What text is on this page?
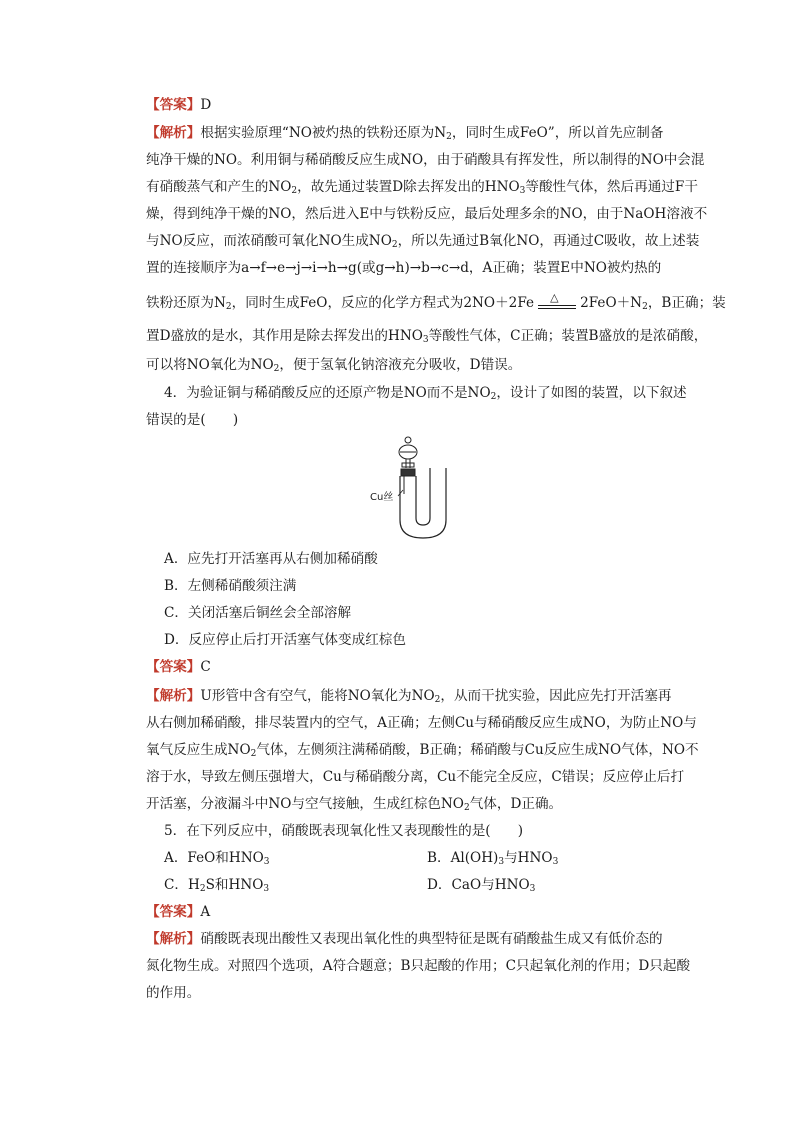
【答案】D
【解析】根据实验原理“NO被灼热的铁粉还原为$N_2$，同时生成FeO”，所以首先应制备
纯净干燥的NO。利用铜与稀硝酸反应生成NO，由于硝酸具有挥发性，所以制得的NO中会混
有硝酸蒸气和产生的$NO_2$，故先通过装置D除去挥发出的$HNO_3$等酸性气体，然后再通过F干
燥，得到纯净干燥的NO，然后进入E中与铁粉反应，最后处理多余的NO，由于NaOH溶液不
与NO反应，而浓硝酸可氧化NO生成$NO_2$，所以先通过B氧化NO，再通过C吸收，故上述装
置的连接顺序为a→f→e→j→i→h→g(或g→h)→b→c→d，A正确；装置E中NO被灼热的
铁粉还原为$N_2$，同时生成FeO，反应的化学方程式为2NO＋2Fe △ $2FeO+N_2$，B正确；装
置D盛放的是水，其作用是除去挥发出的$HNO_3$等酸性气体，C正确；装置B盛放的是浓硝酸，
可以将NO氧化为$NO_2$，便于氢氧化钠溶液充分吸收，D错误。
4．为验证铜与稀硝酸反应的还原产物是NO而不是$NO_2$，设计了如图的装置，以下叙述
错误的是(　　)
Cu丝
A．应先打开活塞再从右侧加稀硝酸
B．左侧稀硝酸须注满
C．关闭活塞后铜丝会全部溶解
D．反应停止后打开活塞气体变成红棕色
【答案】C
【解析】U形管中含有空气，能将NO氧化为$NO_2$，从而干扰实验，因此应先打开活塞再
从右侧加稀硝酸，排尽装置内的空气，A正确；左侧Cu与稀硝酸反应生成NO，为防止NO与
氧气反应生成$NO_2$气体，左侧须注满稀硝酸，B正确；稀硝酸与Cu反应生成NO气体，NO不
溶于水，导致左侧压强增大，Cu与稀硝酸分离，Cu不能完全反应，C错误；反应停止后打
开活塞，分液漏斗中NO与空气接触，生成红棕色$NO_2$气体，D正确。
5．在下列反应中，硝酸既表现氧化性又表现酸性的是(　　)
A．FeO和$HNO_3$	B．$Al(OH)_3$与$HNO_3$
C．$H_2S$和$HNO_3$	D．CaO与$HNO_3$
【答案】A
【解析】硝酸既表现出酸性又表现出氧化性的典型特征是既有硝酸盐生成又有低价态的
氮化物生成。对照四个选项，A符合题意；B只起酸的作用；C只起氧化剂的作用；D只起酸
的作用。
